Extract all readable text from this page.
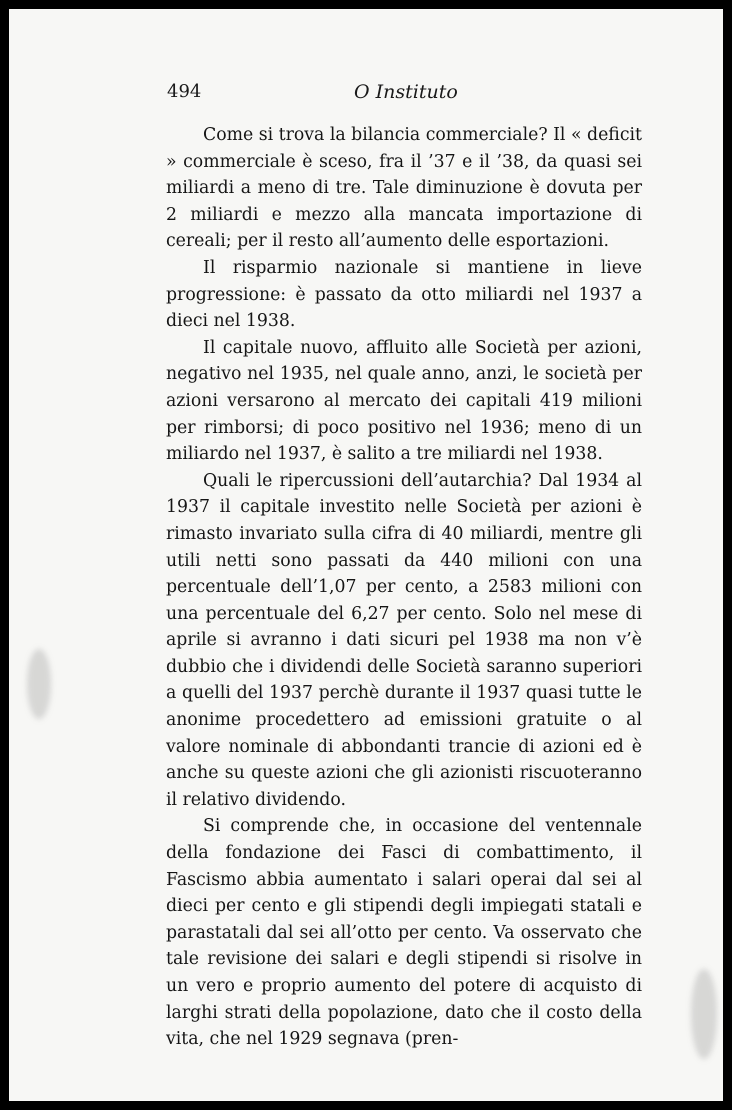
494	O Instituto

Come si trova la bilancia commerciale? Il « deficit » commerciale è sceso, fra il ’37 e il ’38, da quasi sei miliardi a meno di tre. Tale diminuzione è dovuta per 2 miliardi e mezzo alla mancata importazione di cereali; per il resto all’aumento delle esportazioni.

Il risparmio nazionale si mantiene in lieve progressione: è passato da otto miliardi nel 1937 a dieci nel 1938.

Il capitale nuovo, affluito alle Società per azioni, negativo nel 1935, nel quale anno, anzi, le società per azioni versarono al mercato dei capitali 419 milioni per rimborsi; di poco positivo nel 1936; meno di un miliardo nel 1937, è salito a tre miliardi nel 1938.

Quali le ripercussioni dell’autarchia? Dal 1934 al 1937 il capitale investito nelle Società per azioni è rimasto invariato sulla cifra di 40 miliardi, mentre gli utili netti sono passati da 440 milioni con una percentuale dell’1,07 per cento, a 2583 milioni con una percentuale del 6,27 per cento. Solo nel mese di aprile si avranno i dati sicuri pel 1938 ma non v’è dubbio che i dividendi delle Società saranno superiori a quelli del 1937 perchè durante il 1937 quasi tutte le anonime procedettero ad emissioni gratuite o al valore nominale di abbondanti trancie di azioni ed è anche su queste azioni che gli azionisti riscuoteranno il relativo dividendo.

Si comprende che, in occasione del ventennale della fondazione dei Fasci di combattimento, il Fascismo abbia aumentato i salari operai dal sei al dieci per cento e gli stipendi degli impiegati statali e parastatali dal sei all’otto per cento. Va osservato che tale revisione dei salari e degli stipendi si risolve in un vero e proprio aumento del potere di acquisto di larghi strati della popolazione, dato che il costo della vita, che nel 1929 segnava (pren-
